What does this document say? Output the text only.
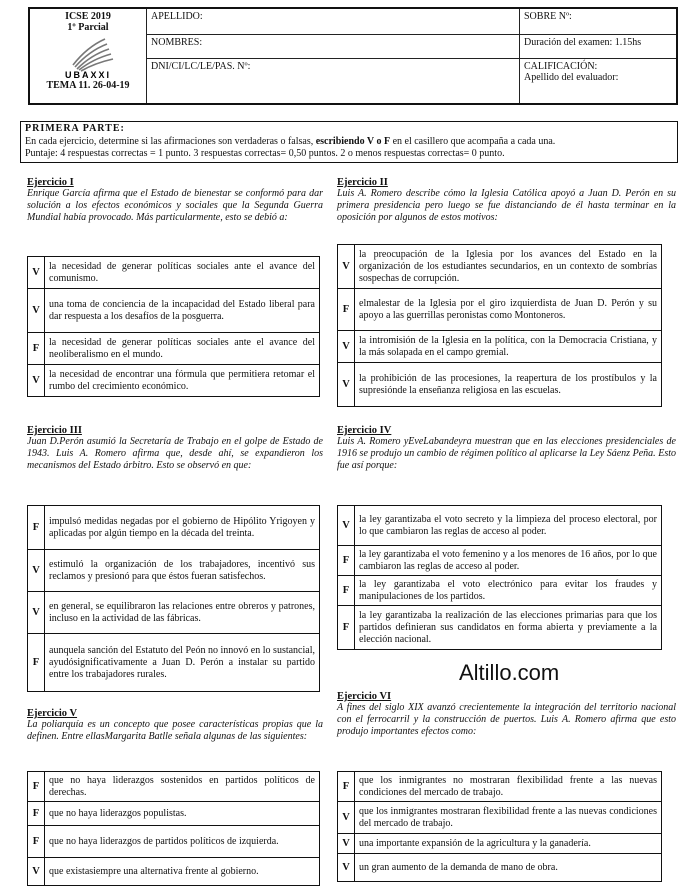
ICSE 2019
1º Parcial
UBAXXI
TEMA 11. 26-04-19	APELLIDO:	SOBRE Nº:
	NOMBRES:	Duración del examen: 1.15hs
	DNI/CI/LC/LE/PAS. Nº:	CALIFICACIÓN:
Apellido del evaluador:
PRIMERA PARTE:
En cada ejercicio, determine si las afirmaciones son verdaderas o falsas, escribiendo V o F en el casillero que acompaña a cada una.
Puntaje: 4 respuestas correctas = 1 punto. 3 respuestas correctas= 0,50 puntos. 2 o menos respuestas correctas= 0 punto.
Ejercicio I
Enrique García afirma que el Estado de bienestar se conformó para dar solución a los efectos económicos y sociales que la Segunda Guerra Mundial había provocado. Más particularmente, esto se debió a:
V	la necesidad de generar políticas sociales ante el avance del comunismo.
V	una toma de conciencia de la incapacidad del Estado liberal para dar respuesta a los desafíos de la posguerra.
F	la necesidad de generar políticas sociales ante el avance del neoliberalismo en el mundo.
V	la necesidad de encontrar una fórmula que permitiera retomar el rumbo del crecimiento económico.
Ejercicio II
Luis A. Romero describe cómo la Iglesia Católica apoyó a Juan D. Perón en su primera presidencia pero luego se fue distanciando de él hasta terminar en la oposición por algunos de estos motivos:
V	la preocupación de la Iglesia por los avances del Estado en la organización de los estudiantes secundarios, en un contexto de sombrías sospechas de corrupción.
F	elmalestar de la Iglesia por el giro izquierdista de Juan D. Perón y su apoyo a las guerrillas peronistas como Montoneros.
V	la intromisión de la Iglesia en la política, con la Democracia Cristiana, y la más solapada en el campo gremial.
V	la prohibición de las procesiones, la reapertura de los prostíbulos y la supresiónde la enseñanza religiosa en las escuelas.
Ejercicio III
Juan D.Perón asumió la Secretaría de Trabajo en el golpe de Estado de 1943. Luis A. Romero afirma que, desde ahí, se expandieron los mecanismos del Estado árbitro. Esto se observó en que:
F	impulsó medidas negadas por el gobierno de Hipólito Yrigoyen y aplicadas por algún tiempo en la década del treinta.
V	estimuló la organización de los trabajadores, incentivó sus reclamos y presionó para que éstos fueran satisfechos.
V	en general, se equilibraron las relaciones entre obreros y patrones, incluso en la actividad de las fábricas.
F	aunquela sanción del Estatuto del Peón no innovó en lo sustancial, ayudósignificativamente a Juan D. Perón a instalar su partido entre los trabajadores rurales.
Ejercicio IV
Luis A. Romero yEveLabandeyra muestran que en las elecciones presidenciales de 1916 se produjo un cambio de régimen político al aplicarse la Ley Sáenz Peña. Esto fue así porque:
V	la ley garantizaba el voto secreto y la limpieza del proceso electoral, por lo que cambiaron las reglas de acceso al poder.
F	la ley garantizaba el voto femenino y a los menores de 16 años, por lo que cambiaron las reglas de acceso al poder.
F	la ley garantizaba el voto electrónico para evitar los fraudes y manipulaciones de los partidos.
F	la ley garantizaba la realización de las elecciones primarias para que los partidos definieran sus candidatos en forma abierta y previamente a la elección nacional.
Altillo.com
Ejercicio V
La poliarquía es un concepto que posee características propias que la definen. Entre ellasMargarita Batlle señala algunas de las siguientes:
F	que no haya liderazgos sostenidos en partidos políticos de derechas.
F	que no haya liderazgos populistas.
F	que no haya liderazgos de partidos políticos de izquierda.
V	que existasiempre una alternativa frente al gobierno.
Ejercicio VI
A fines del siglo XIX avanzó crecientemente la integración del territorio nacional con el ferrocarril y la construcción de puertos. Luis A. Romero afirma que esto produjo importantes efectos como:
F	que los inmigrantes no mostraran flexibilidad frente a las nuevas condiciones del mercado de trabajo.
V	que los inmigrantes mostraran flexibilidad frente a las nuevas condiciones del mercado de trabajo.
V	una importante expansión de la agricultura y la ganadería.
V	un gran aumento de la demanda de mano de obra.
